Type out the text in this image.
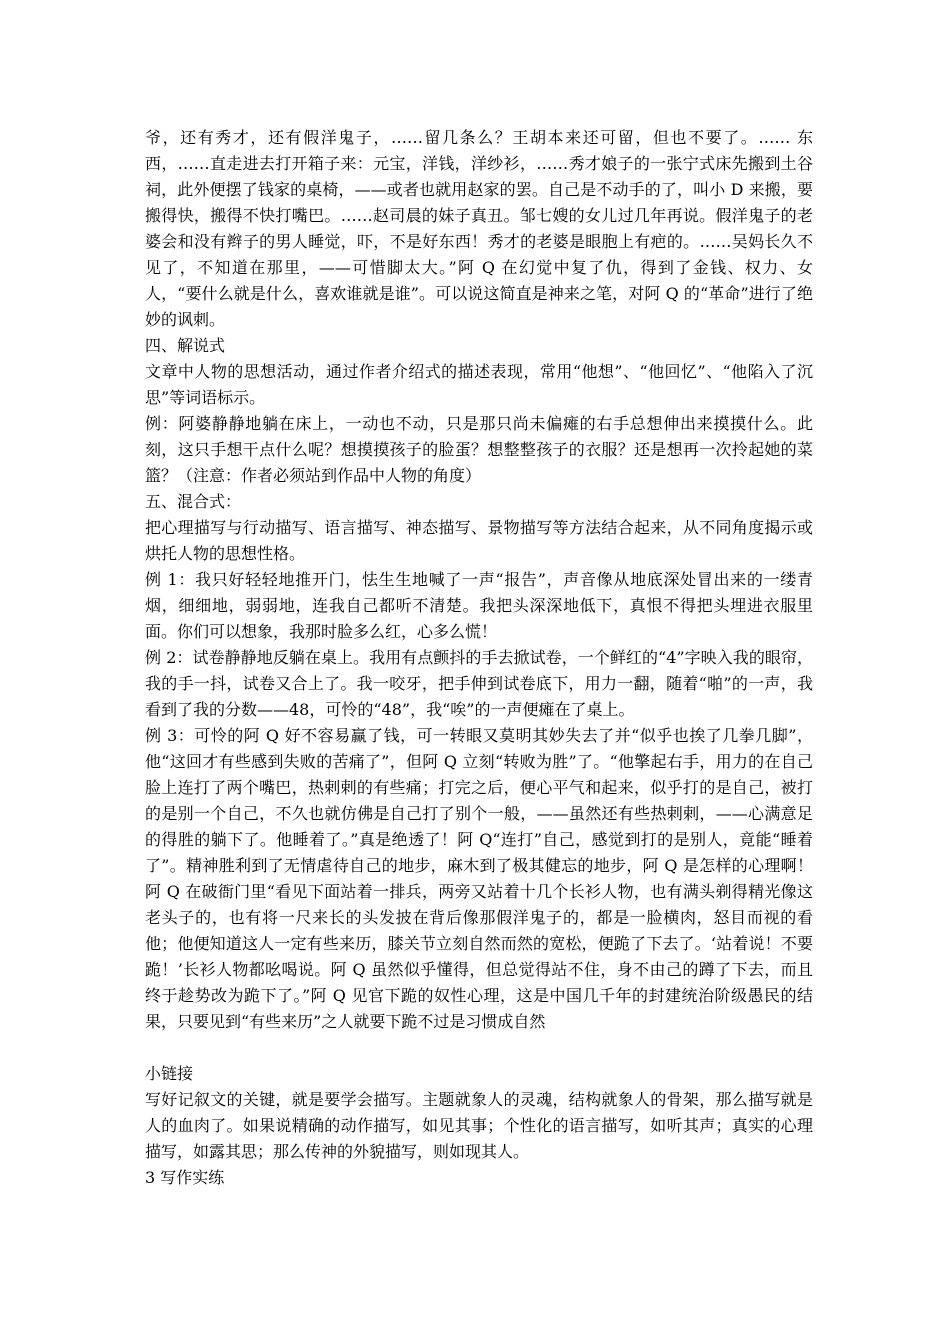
爷，还有秀才，还有假洋鬼子，……留几条么？王胡本来还可留，但也不要了。…… 东西，……直走进去打开箱子来：元宝，洋钱，洋纱衫，……秀才娘子的一张宁式床先搬到土谷祠，此外便摆了钱家的桌椅，——或者也就用赵家的罢。自己是不动手的了，叫小 D 来搬，要搬得快，搬得不快打嘴巴。……赵司晨的妹子真丑。邹七嫂的女儿过几年再说。假洋鬼子的老婆会和没有辫子的男人睡觉，吓，不是好东西！秀才的老婆是眼胞上有疤的。……吴妈长久不见了，不知道在那里，——可惜脚太大。”阿 Q 在幻觉中复了仇，得到了金钱、权力、女人，“要什么就是什么，喜欢谁就是谁”。可以说这简直是神来之笔，对阿 Q 的“革命”进行了绝妙的讽刺。

四、解说式

文章中人物的思想活动，通过作者介绍式的描述表现，常用“他想”、“他回忆”、“他陷入了沉思”等词语标示。

例：阿婆静静地躺在床上，一动也不动，只是那只尚未偏瘫的右手总想伸出来摸摸什么。此刻，这只手想干点什么呢？想摸摸孩子的脸蛋？想整整孩子的衣服？还是想再一次拎起她的菜篮？（注意：作者必须站到作品中人物的角度）

五、混合式：

把心理描写与行动描写、语言描写、神态描写、景物描写等方法结合起来，从不同角度揭示或烘托人物的思想性格。

例 1：我只好轻轻地推开门，怯生生地喊了一声“报告”，声音像从地底深处冒出来的一缕青烟，细细地，弱弱地，连我自己都听不清楚。我把头深深地低下，真恨不得把头埋进衣服里面。你们可以想象，我那时脸多么红，心多么慌！

例 2：试卷静静地反躺在桌上。我用有点颤抖的手去掀试卷，一个鲜红的“4”字映入我的眼帘，我的手一抖，试卷又合上了。我一咬牙，把手伸到试卷底下，用力一翻，随着“啪”的一声，我看到了我的分数——48，可怜的“48”，我“唉”的一声便瘫在了桌上。

例 3：可怜的阿 Q 好不容易赢了钱，可一转眼又莫明其妙失去了并“似乎也挨了几拳几脚”，他“这回才有些感到失败的苦痛了”，但阿 Q 立刻“转败为胜”了。“他擎起右手，用力的在自己脸上连打了两个嘴巴，热剌剌的有些痛；打完之后，便心平气和起来，似乎打的是自己，被打的是别一个自己，不久也就仿佛是自己打了别个一般，——虽然还有些热剌剌，——心满意足的得胜的躺下了。他睡着了。”真是绝透了！阿 Q“连打”自己，感觉到打的是别人，竟能“睡着了”。精神胜利到了无情虐待自己的地步，麻木到了极其健忘的地步，阿 Q 是怎样的心理啊！阿 Q 在破衙门里“看见下面站着一排兵，两旁又站着十几个长衫人物，也有满头剃得精光像这老头子的，也有将一尺来长的头发披在背后像那假洋鬼子的，都是一脸横肉，怒目而视的看他；他便知道这人一定有些来历，膝关节立刻自然而然的宽松，便跪了下去了。‘站着说！不要跪！’长衫人物都吆喝说。阿 Q 虽然似乎懂得，但总觉得站不住，身不由己的蹲了下去，而且终于趁势改为跪下了。”阿 Q 见官下跪的奴性心理，这是中国几千年的封建统治阶级愚民的结果，只要见到“有些来历”之人就要下跪不过是习惯成自然

小链接

写好记叙文的关键，就是要学会描写。主题就象人的灵魂，结构就象人的骨架，那么描写就是人的血肉了。如果说精确的动作描写，如见其事；个性化的语言描写，如听其声；真实的心理描写，如露其思；那么传神的外貌描写，则如现其人。

3 写作实练
